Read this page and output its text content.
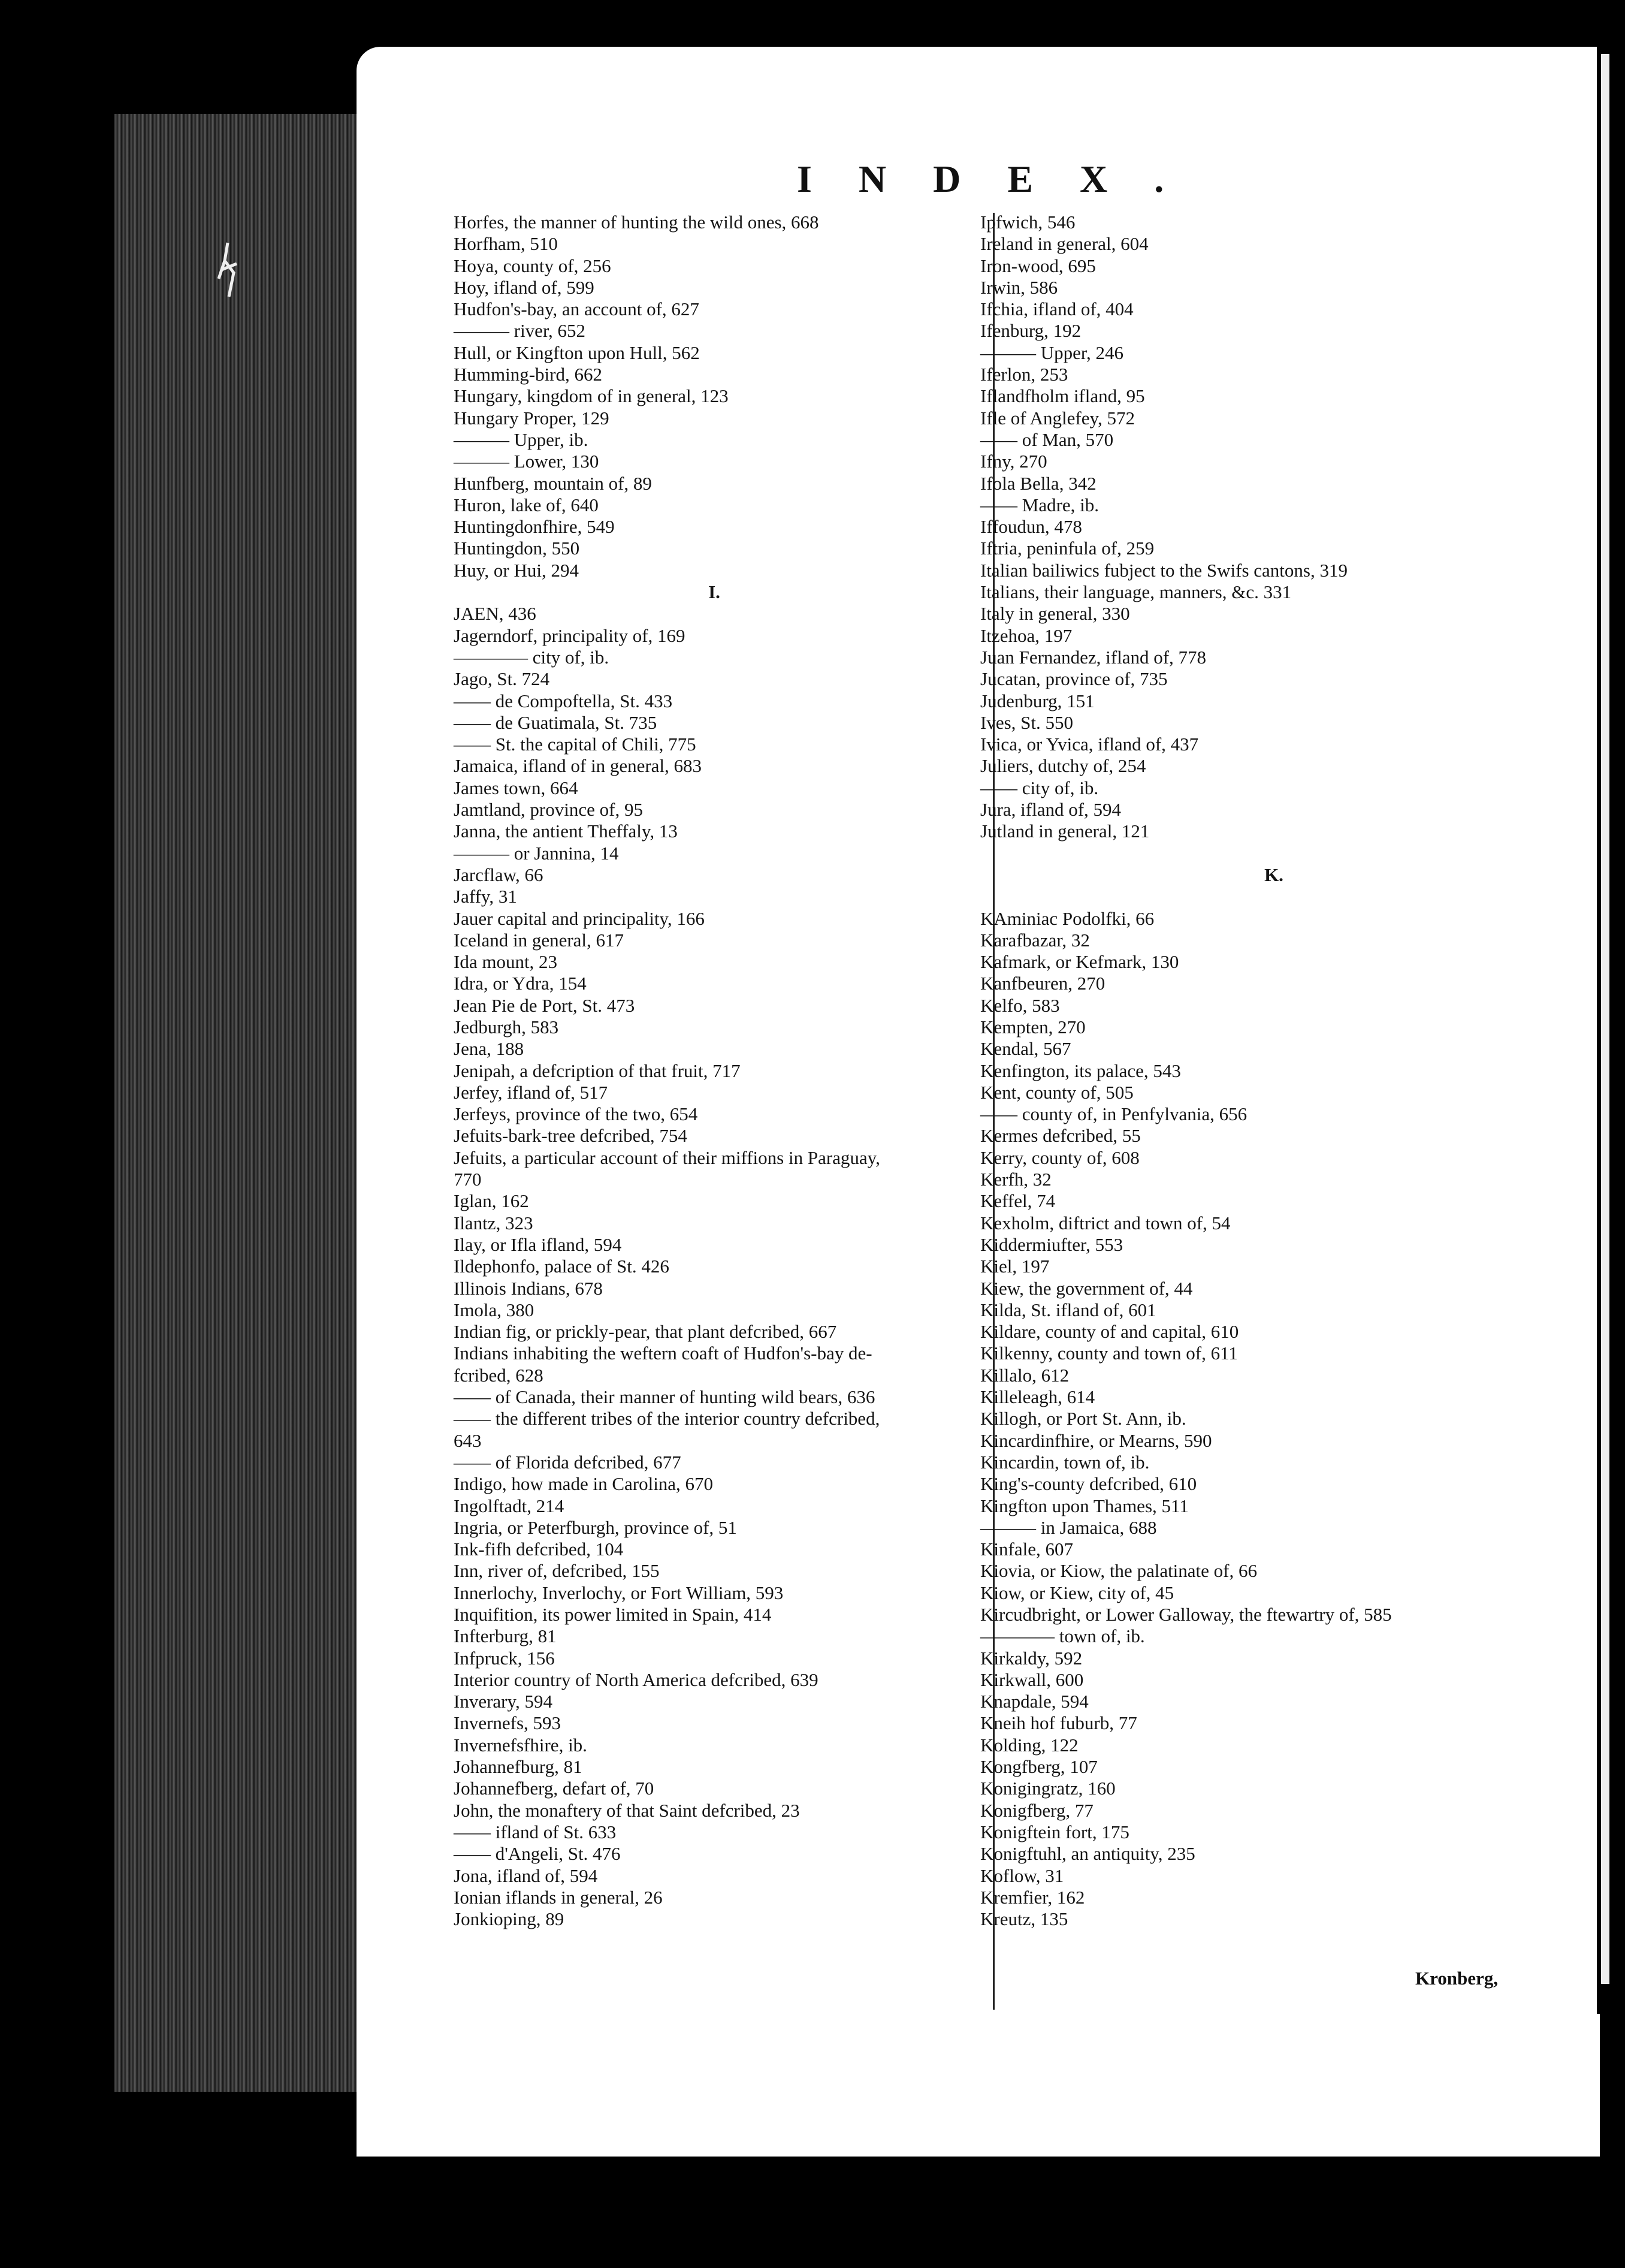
INDEX.
Horfes, the manner of hunting the wild ones, 668
Horfham, 510
Hoya, county of, 256
Hoy, ifland of, 599
Hudfon's-bay, an account of, 627
——— river, 652
Hull, or Kingfton upon Hull, 562
Humming-bird, 662
Hungary, kingdom of in general, 123
Hungary Proper, 129
——— Upper, ib.
——— Lower, 130
Hunfberg, mountain of, 89
Huron, lake of, 640
Huntingdonfhire, 549
Huntingdon, 550
Huy, or Hui, 294
I.
JAEN, 436
Jagerndorf, principality of, 169
———— city of, ib.
Jago, St. 724
—— de Compoftella, St. 433
—— de Guatimala, St. 735
—— St. the capital of Chili, 775
Jamaica, ifland of in general, 683
James town, 664
Jamtland, province of, 95
Janna, the antient Theffaly, 13
——— or Jannina, 14
Jarcflaw, 66
Jaffy, 31
Jauer capital and principality, 166
Iceland in general, 617
Ida mount, 23
Idra, or Ydra, 154
Jean Pie de Port, St. 473
Jedburgh, 583
Jena, 188
Jenipah, a defcription of that fruit, 717
Jerfey, ifland of, 517
Jerfeys, province of the two, 654
Jefuits-bark-tree defcribed, 754
Jefuits, a particular account of their miffions in Paraguay,
770
Iglan, 162
Ilantz, 323
Ilay, or Ifla ifland, 594
Ildephonfo, palace of St. 426
Illinois Indians, 678
Imola, 380
Indian fig, or prickly-pear, that plant defcribed, 667
Indians inhabiting the weftern coaft of Hudfon's-bay de-
fcribed, 628
—— of Canada, their manner of hunting wild bears, 636
—— the different tribes of the interior country defcribed,
643
—— of Florida defcribed, 677
Indigo, how made in Carolina, 670
Ingolftadt, 214
Ingria, or Peterfburgh, province of, 51
Ink-fifh defcribed, 104
Inn, river of, defcribed, 155
Innerlochy, Inverlochy, or Fort William, 593
Inquifition, its power limited in Spain, 414
Infterburg, 81
Infpruck, 156
Interior country of North America defcribed, 639
Inverary, 594
Invernefs, 593
Invernefsfhire, ib.
Johannefburg, 81
Johannefberg, defart of, 70
John, the monaftery of that Saint defcribed, 23
—— ifland of St. 633
—— d'Angeli, St. 476
Jona, ifland of, 594
Ionian iflands in general, 26
Jonkioping, 89
Ipfwich, 546
Ireland in general, 604
Iron-wood, 695
Irwin, 586
Ifchia, ifland of, 404
Ifenburg, 192
——— Upper, 246
Iferlon, 253
Iflandfholm ifland, 95
Ifle of Anglefey, 572
—— of Man, 570
Ifny, 270
Ifola Bella, 342
—— Madre, ib.
Iffoudun, 478
Iftria, peninfula of, 259
Italian bailiwics fubject to the Swifs cantons, 319
Italians, their language, manners, &c. 331
Italy in general, 330
Itzehoa, 197
Juan Fernandez, ifland of, 778
Jucatan, province of, 735
Judenburg, 151
Ives, St. 550
Ivica, or Yvica, ifland of, 437
Juliers, dutchy of, 254
—— city of, ib.
Jura, ifland of, 594
Jutland in general, 121
K.
KAminiac Podolfki, 66
Karafbazar, 32
Kafmark, or Kefmark, 130
Kanfbeuren, 270
Kelfo, 583
Kempten, 270
Kendal, 567
Kenfington, its palace, 543
Kent, county of, 505
—— county of, in Penfylvania, 656
Kermes defcribed, 55
Kerry, county of, 608
Kerfh, 32
Keffel, 74
Kexholm, diftrict and town of, 54
Kiddermiufter, 553
Kiel, 197
Kiew, the government of, 44
Kilda, St. ifland of, 601
Kildare, county of and capital, 610
Kilkenny, county and town of, 611
Killalo, 612
Killeleagh, 614
Killogh, or Port St. Ann, ib.
Kincardinfhire, or Mearns, 590
Kincardin, town of, ib.
King's-county defcribed, 610
Kingfton upon Thames, 511
——— in Jamaica, 688
Kinfale, 607
Kiovia, or Kiow, the palatinate of, 66
Kiow, or Kiew, city of, 45
Kircudbright, or Lower Galloway, the ftewartry of, 585
———— town of, ib.
Kirkaldy, 592
Kirkwall, 600
Knapdale, 594
Kneih hof fuburb, 77
Kolding, 122
Kongfberg, 107
Konigingratz, 160
Konigfberg, 77
Konigftein fort, 175
Konigftuhl, an antiquity, 235
Koflow, 31
Kremfier, 162
Kreutz, 135
Kronberg,
